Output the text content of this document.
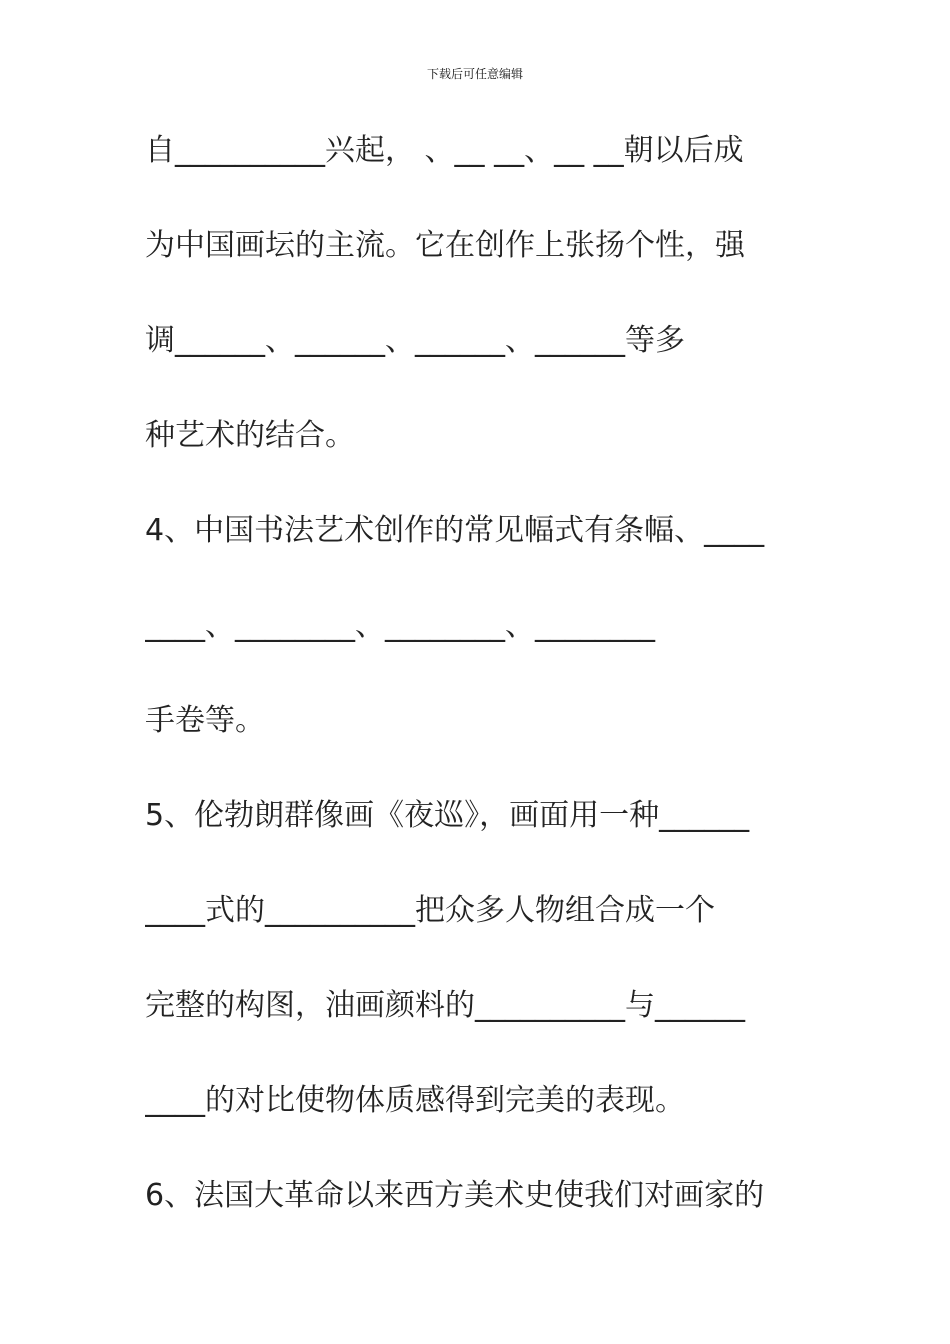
下载后可任意编辑
自__________兴起， 、__ __、__ __朝以后成
为中国画坛的主流。它在创作上张扬个性，强
调______、______、______、______等多
种艺术的结合。
4、中国书法艺术创作的常见幅式有条幅、____
____、________、________、________
手卷等。
5、伦勃朗群像画《夜巡》，画面用一种______
____式的__________把众多人物组合成一个
完整的构图，油画颜料的__________与______
____的对比使物体质感得到完美的表现。
6、法国大革命以来西方美术史使我们对画家的
